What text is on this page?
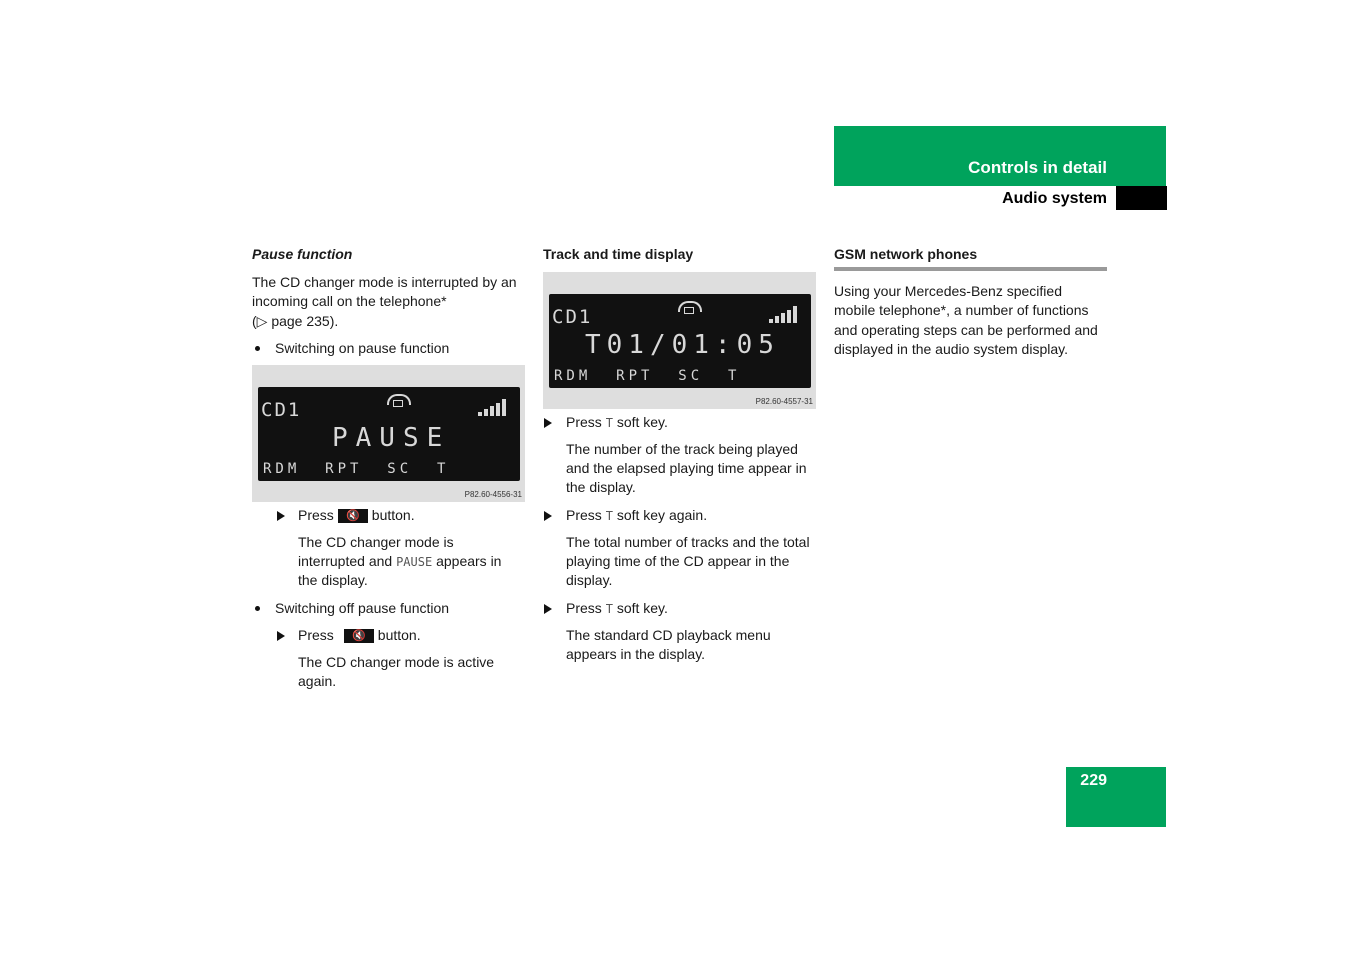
Controls in detail
Audio system
Pause function
The CD changer mode is interrupted by an
incoming call on the telephone*
(▷ page 235).
Switching on pause function
CD1
PAUSE
RDM  RPT  SC  T
P82.60-4556-31
Press 🔇 button.
The CD changer mode is
interrupted and PAUSE appears in
the display.
Switching off pause function
Press 🔇 button.
The CD changer mode is active
again.
Track and time display
CD1
T01/01:05
RDM  RPT  SC  T
P82.60-4557-31
Press T soft key.
The number of the track being played
and the elapsed playing time appear in
the display.
Press T soft key again.
The total number of tracks and the total
playing time of the CD appear in the
display.
Press T soft key.
The standard CD playback menu
appears in the display.
GSM network phones
Using your Mercedes-Benz specified
mobile telephone*, a number of functions
and operating steps can be performed and
displayed in the audio system display.
229
